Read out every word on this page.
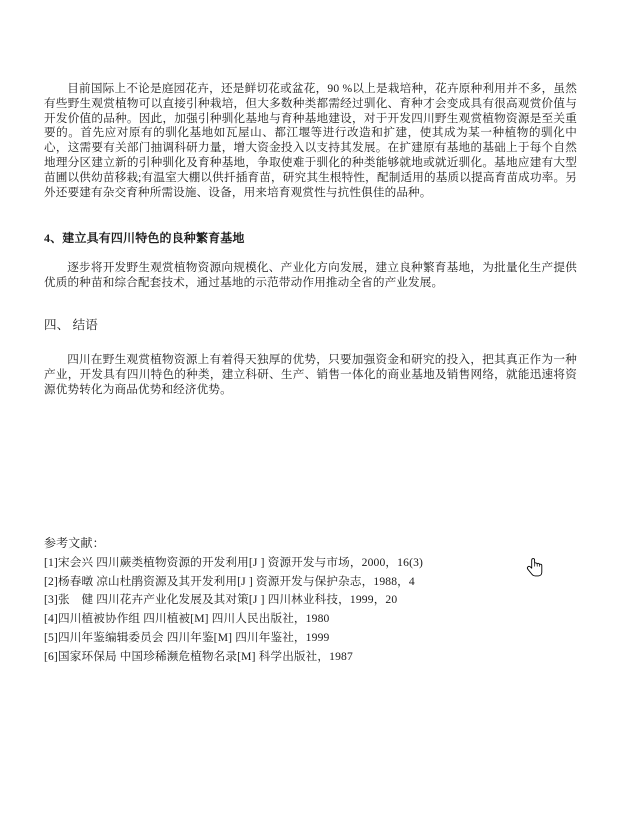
目前国际上不论是庭园花卉，还是鲜切花或盆花，90 %以上是栽培种，花卉原种利用并不多，虽然有些野生观赏植物可以直接引种栽培，但大多数种类都需经过驯化、育种才会变成具有很高观赏价值与开发价值的品种。因此，加强引种驯化基地与育种基地建设，对于开发四川野生观赏植物资源是至关重要的。首先应对原有的驯化基地如瓦屋山、都江堰等进行改造和扩建，使其成为某一种植物的驯化中心，这需要有关部门抽调科研力量，增大资金投入以支持其发展。在扩建原有基地的基础上于每个自然地理分区建立新的引种驯化及育种基地，争取使难于驯化的种类能够就地或就近驯化。基地应建有大型苗圃以供幼苗移栽;有温室大棚以供扦插育苗，研究其生根特性，配制适用的基质以提高育苗成功率。另外还要建有杂交育种所需设施、设备，用来培育观赏性与抗性俱佳的品种。
4、建立具有四川特色的良种繁育基地
逐步将开发野生观赏植物资源向规模化、产业化方向发展，建立良种繁育基地，为批量化生产提供优质的种苗和综合配套技术，通过基地的示范带动作用推动全省的产业发展。
四、 结语
四川在野生观赏植物资源上有着得天独厚的优势，只要加强资金和研究的投入，把其真正作为一种产业，开发具有四川特色的种类，建立科研、生产、销售一体化的商业基地及销售网络，就能迅速将资源优势转化为商品优势和经济优势。
参考文献：
[1]宋会兴 四川蕨类植物资源的开发利用[J ] 资源开发与市场，2000，16(3)
[2]杨春暾 凉山杜鹃资源及其开发利用[J ] 资源开发与保护杂志，1988，4
[3]张　健 四川花卉产业化发展及其对策[J ] 四川林业科技，1999，20
[4]四川植被协作组 四川植被[M] 四川人民出版社，1980
[5]四川年鉴编辑委员会 四川年鉴[M] 四川年鉴社，1999
[6]国家环保局 中国珍稀濒危植物名录[M] 科学出版社，1987
